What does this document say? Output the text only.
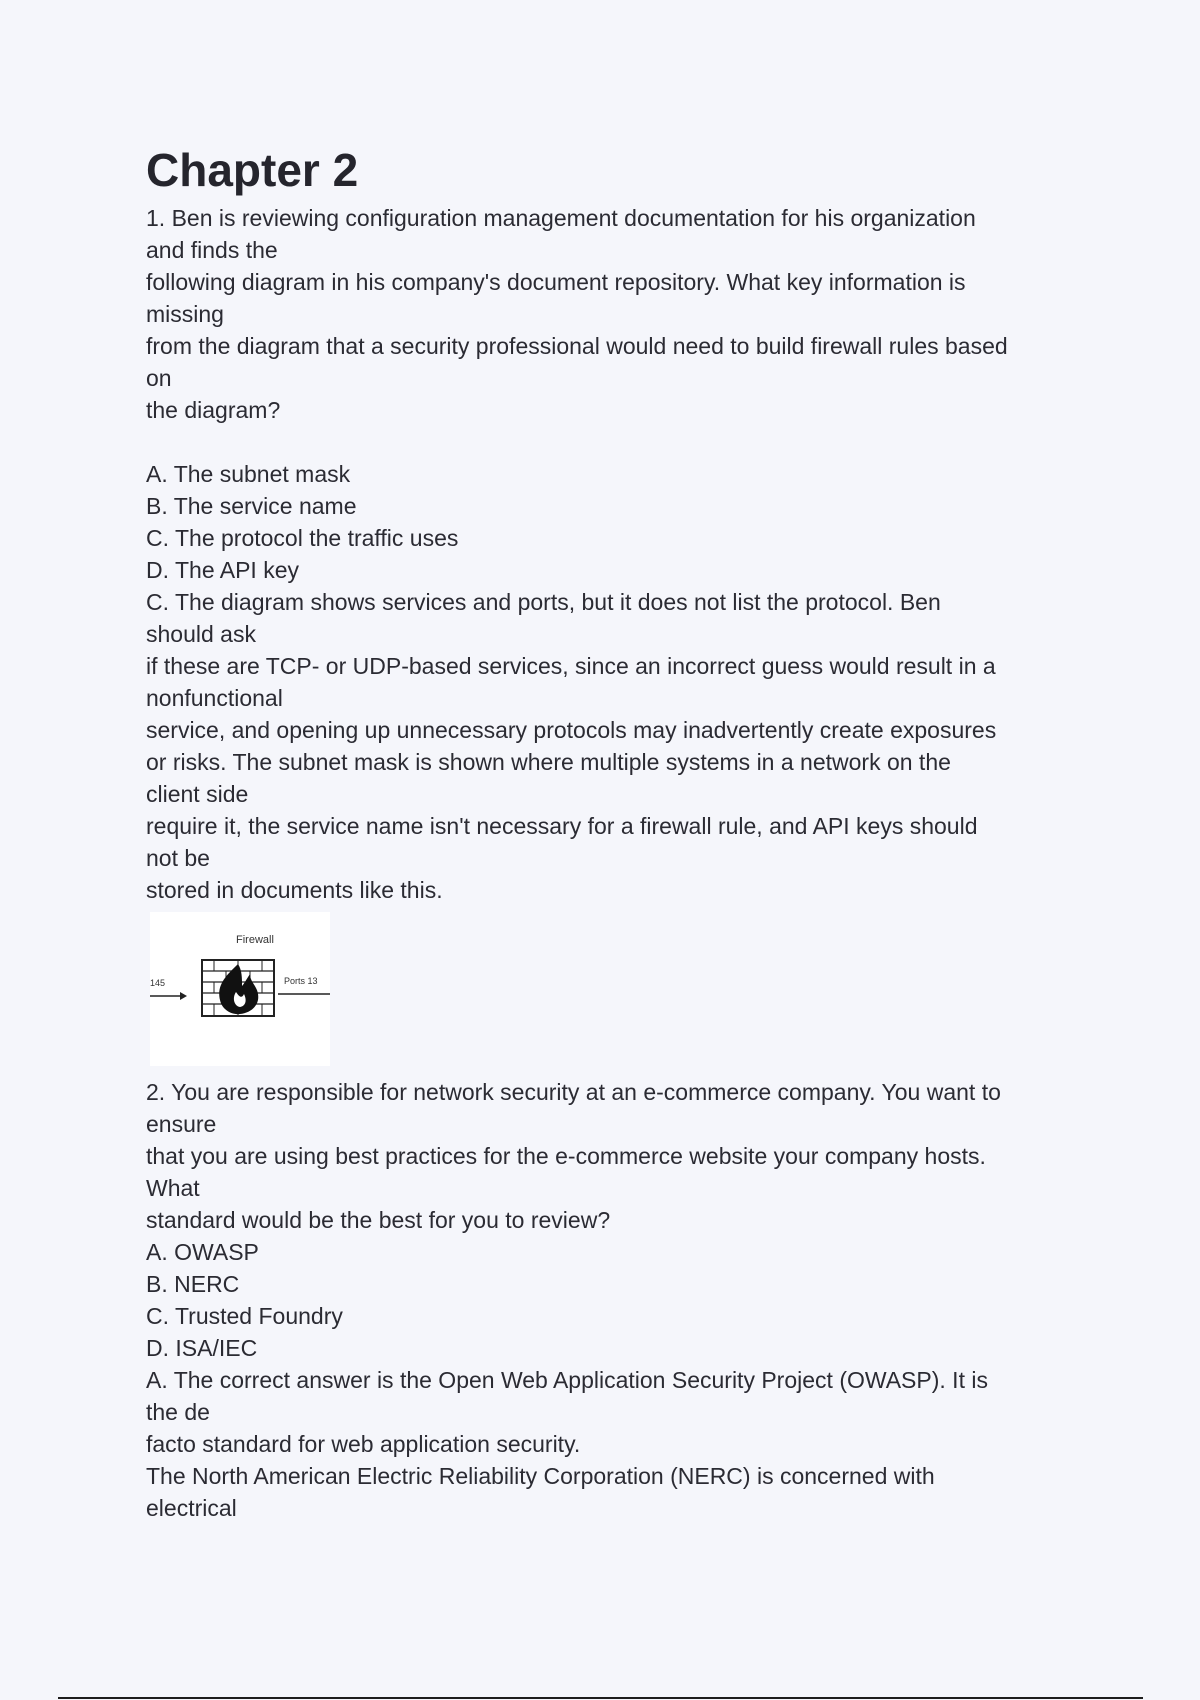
Chapter 2

1. Ben is reviewing configuration management documentation for his organization

and finds the

following diagram in his company's document repository. What key information is

missing

from the diagram that a security professional would need to build firewall rules based

on

the diagram?

A. The subnet mask

B. The service name

C. The protocol the traffic uses

D. The API key

C. The diagram shows services and ports, but it does not list the protocol. Ben

should ask

if these are TCP- or UDP-based services, since an incorrect guess would result in a

nonfunctional

service, and opening up unnecessary protocols may inadvertently create exposures

or risks. The subnet mask is shown where multiple systems in a network on the

client side

require it, the service name isn't necessary for a firewall rule, and API keys should

not be

stored in documents like this.

Firewall
145	Ports 13

2. You are responsible for network security at an e-commerce company. You want to

ensure

that you are using best practices for the e-commerce website your company hosts.

What

standard would be the best for you to review?

A. OWASP

B. NERC

C. Trusted Foundry

D. ISA/IEC

A. The correct answer is the Open Web Application Security Project (OWASP). It is

the de

facto standard for web application security.

The North American Electric Reliability Corporation (NERC) is concerned with

electrical
